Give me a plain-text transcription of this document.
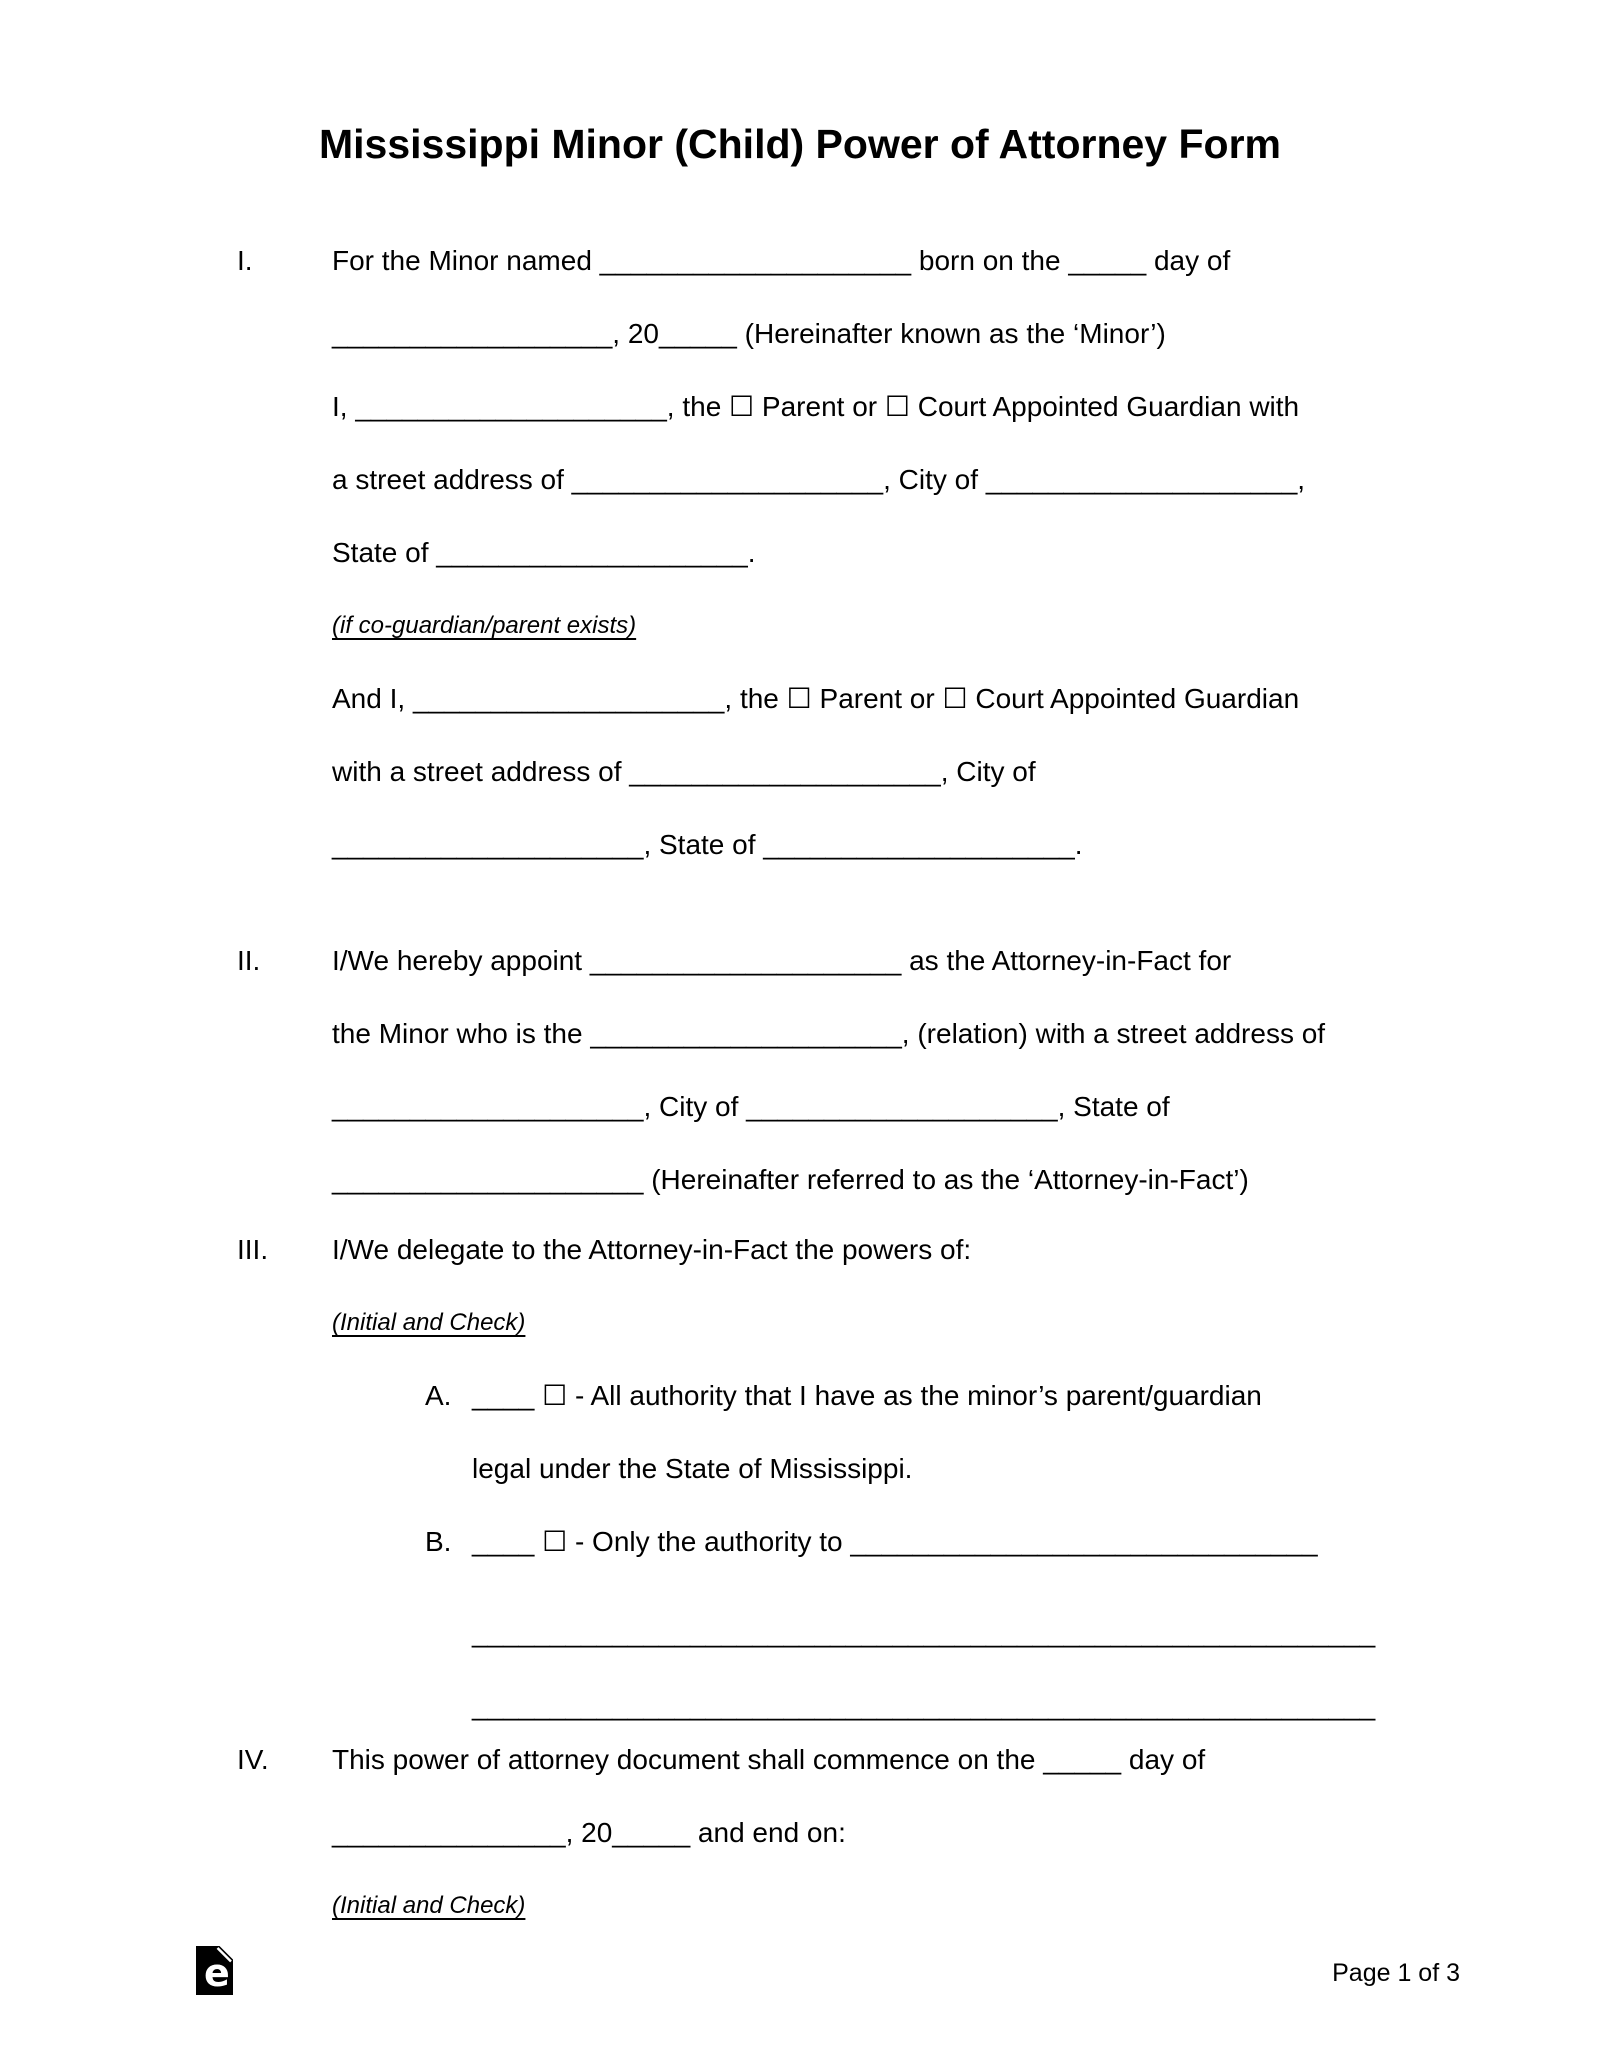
Mississippi Minor (Child) Power of Attorney Form
I.	For the Minor named ____________________ born on the _____ day of
__________________, 20_____ (Hereinafter known as the ‘Minor’)
I, ____________________, the ☐ Parent or ☐ Court Appointed Guardian with
a street address of ____________________, City of ____________________,
State of ____________________.
(if co-guardian/parent exists)
And I, ____________________, the ☐ Parent or ☐ Court Appointed Guardian
with a street address of ____________________, City of
____________________, State of ____________________.
II.	I/We hereby appoint ____________________ as the Attorney-in-Fact for
the Minor who is the ____________________, (relation) with a street address of
____________________, City of ____________________, State of
____________________ (Hereinafter referred to as the ‘Attorney-in-Fact’)
III. I/We delegate to the Attorney-in-Fact the powers of:
(Initial and Check)
A. ____ ☐ - All authority that I have as the minor’s parent/guardian
legal under the State of Mississippi.
B. ____ ☐ - Only the authority to ______________________________
__________________________________________________________
__________________________________________________________
IV. This power of attorney document shall commence on the _____ day of
_______________, 20_____ and end on:
(Initial and Check)
e	Page 1 of 3
